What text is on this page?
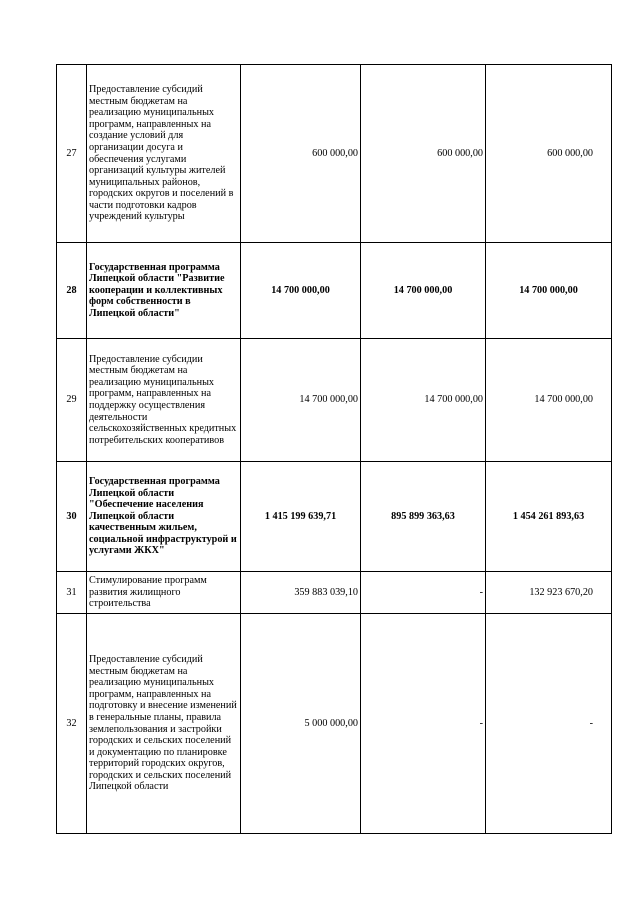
27	Предоставление субсидий местным бюджетам на реализацию муниципальных программ, направленных на создание условий для организации досуга и обеспечения услугами организаций культуры жителей муниципальных районов, городских округов и поселений в части подготовки кадров учреждений культуры	600 000,00	600 000,00	600 000,00
28	Государственная программа Липецкой области "Развитие кооперации и коллективных форм собственности в Липецкой области"	14 700 000,00	14 700 000,00	14 700 000,00
29	Предоставление субсидии местным бюджетам на реализацию муниципальных программ, направленных на поддержку осуществления деятельности сельскохозяйственных кредитных потребительских кооперативов	14 700 000,00	14 700 000,00	14 700 000,00
30	Государственная программа Липецкой области "Обеспечение населения Липецкой области качественным жильем, социальной инфраструктурой и услугами ЖКХ"	1 415 199 639,71	895 899 363,63	1 454 261 893,63
31	Стимулирование программ развития жилищного строительства	359 883 039,10	-	132 923 670,20
32	Предоставление субсидий местным бюджетам на реализацию муниципальных программ, направленных на подготовку и внесение изменений в генеральные планы, правила землепользования и застройки городских и сельских поселений и документацию по планировке территорий городских округов, городских и сельских поселений Липецкой области	5 000 000,00	-	-
